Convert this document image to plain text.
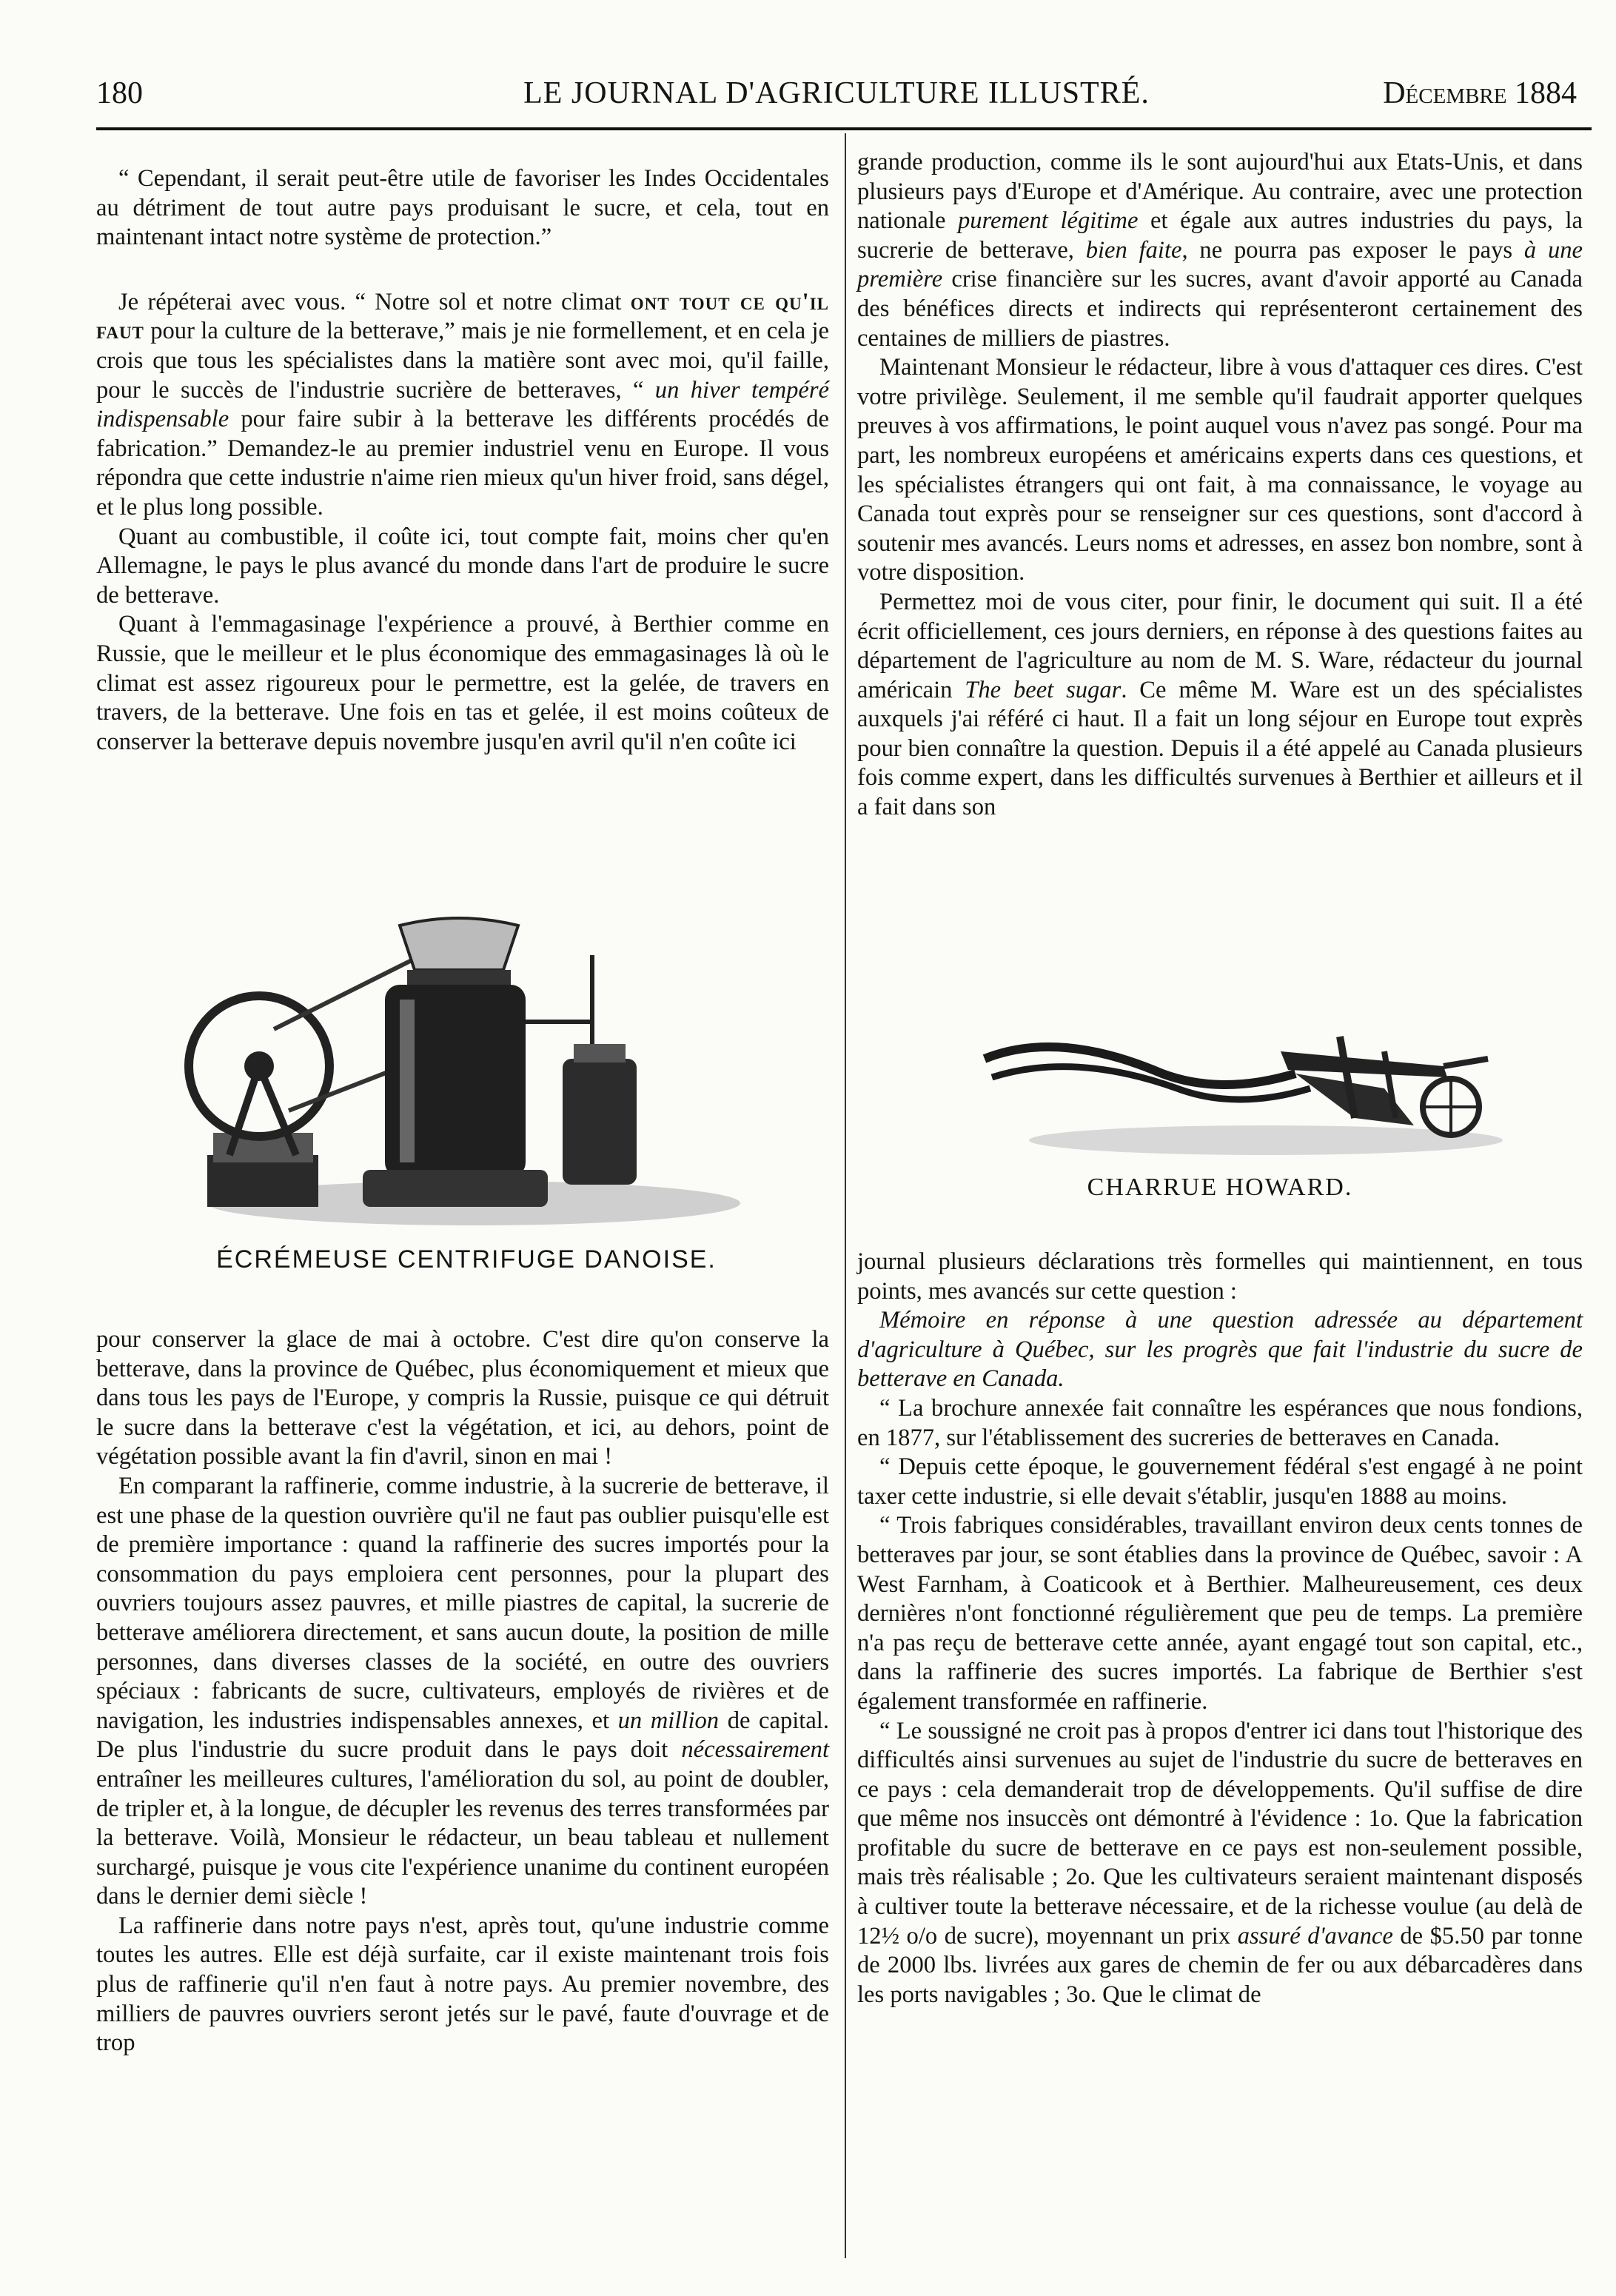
180	LE JOURNAL D'AGRICULTURE ILLUSTRÉ.	Décembre 1884

“ Cependant, il serait peut-être utile de favoriser les Indes Occidentales au détriment de tout autre pays produisant le sucre, et cela, tout en maintenant intact notre système de protection.”

Je répéterai avec vous. “ Notre sol et notre climat ont tout ce qu'il faut pour la culture de la betterave,” mais je nie formellement, et en cela je crois que tous les spécialistes dans la matière sont avec moi, qu'il faille, pour le succès de l'industrie sucrière de betteraves, “ un hiver tempéré indispensable pour faire subir à la betterave les différents procédés de fabrication.” Demandez-le au premier industriel venu en Europe. Il vous répondra que cette industrie n'aime rien mieux qu'un hiver froid, sans dégel, et le plus long possible.

Quant au combustible, il coûte ici, tout compte fait, moins cher qu'en Allemagne, le pays le plus avancé du monde dans l'art de produire le sucre de betterave.

Quant à l'emmagasinage l'expérience a prouvé, à Berthier comme en Russie, que le meilleur et le plus économique des emmagasinages là où le climat est assez rigoureux pour le permettre, est la gelée, de travers en travers, de la betterave. Une fois en tas et gelée, il est moins coûteux de conserver la betterave depuis novembre jusqu'en avril qu'il n'en coûte ici

ÉCRÉMEUSE CENTRIFUGE DANOISE.

pour conserver la glace de mai à octobre. C'est dire qu'on conserve la betterave, dans la province de Québec, plus économiquement et mieux que dans tous les pays de l'Europe, y compris la Russie, puisque ce qui détruit le sucre dans la betterave c'est la végétation, et ici, au dehors, point de végétation possible avant la fin d'avril, sinon en mai !

En comparant la raffinerie, comme industrie, à la sucrerie de betterave, il est une phase de la question ouvrière qu'il ne faut pas oublier puisqu'elle est de première importance : quand la raffinerie des sucres importés pour la consommation du pays emploiera cent personnes, pour la plupart des ouvriers toujours assez pauvres, et mille piastres de capital, la sucrerie de betterave améliorera directement, et sans aucun doute, la position de mille personnes, dans diverses classes de la société, en outre des ouvriers spéciaux : fabricants de sucre, cultivateurs, employés de rivières et de navigation, les industries indispensables annexes, et un million de capital. De plus l'industrie du sucre produit dans le pays doit nécessairement entraîner les meilleures cultures, l'amélioration du sol, au point de doubler, de tripler et, à la longue, de décupler les revenus des terres transformées par la betterave. Voilà, Monsieur le rédacteur, un beau tableau et nullement surchargé, puisque je vous cite l'expérience unanime du continent européen dans le dernier demi siècle !

La raffinerie dans notre pays n'est, après tout, qu'une industrie comme toutes les autres. Elle est déjà surfaite, car il existe maintenant trois fois plus de raffinerie qu'il n'en faut à notre pays. Au premier novembre, des milliers de pauvres ouvriers seront jetés sur le pavé, faute d'ouvrage et de trop

grande production, comme ils le sont aujourd'hui aux Etats-Unis, et dans plusieurs pays d'Europe et d'Amérique. Au contraire, avec une protection nationale purement légitime et égale aux autres industries du pays, la sucrerie de betterave, bien faite, ne pourra pas exposer le pays à une première crise financière sur les sucres, avant d'avoir apporté au Canada des bénéfices directs et indirects qui représenteront certainement des centaines de milliers de piastres.

Maintenant Monsieur le rédacteur, libre à vous d'attaquer ces dires. C'est votre privilège. Seulement, il me semble qu'il faudrait apporter quelques preuves à vos affirmations, le point auquel vous n'avez pas songé. Pour ma part, les nombreux européens et américains experts dans ces questions, et les spécialistes étrangers qui ont fait, à ma connaissance, le voyage au Canada tout exprès pour se renseigner sur ces questions, sont d'accord à soutenir mes avancés. Leurs noms et adresses, en assez bon nombre, sont à votre disposition.

Permettez moi de vous citer, pour finir, le document qui suit. Il a été écrit officiellement, ces jours derniers, en réponse à des questions faites au département de l'agriculture au nom de M. S. Ware, rédacteur du journal américain The beet sugar. Ce même M. Ware est un des spécialistes auxquels j'ai référé ci haut. Il a fait un long séjour en Europe tout exprès pour bien connaître la question. Depuis il a été appelé au Canada plusieurs fois comme expert, dans les difficultés survenues à Berthier et ailleurs et il a fait dans son

CHARRUE HOWARD.

journal plusieurs déclarations très formelles qui maintiennent, en tous points, mes avancés sur cette question :

Mémoire en réponse à une question adressée au département d'agriculture à Québec, sur les progrès que fait l'industrie du sucre de betterave en Canada.

“ La brochure annexée fait connaître les espérances que nous fondions, en 1877, sur l'établissement des sucreries de betteraves en Canada.

“ Depuis cette époque, le gouvernement fédéral s'est engagé à ne point taxer cette industrie, si elle devait s'établir, jusqu'en 1888 au moins.

“ Trois fabriques considérables, travaillant environ deux cents tonnes de betteraves par jour, se sont établies dans la province de Québec, savoir : A West Farnham, à Coaticook et à Berthier. Malheureusement, ces deux dernières n'ont fonctionné régulièrement que peu de temps. La première n'a pas reçu de betterave cette année, ayant engagé tout son capital, etc., dans la raffinerie des sucres importés. La fabrique de Berthier s'est également transformée en raffinerie.

“ Le soussigné ne croit pas à propos d'entrer ici dans tout l'historique des difficultés ainsi survenues au sujet de l'industrie du sucre de betteraves en ce pays : cela demanderait trop de développements. Qu'il suffise de dire que même nos insuccès ont démontré à l'évidence : 1o. Que la fabrication profitable du sucre de betterave en ce pays est non-seulement possible, mais très réalisable ; 2o. Que les cultivateurs seraient maintenant disposés à cultiver toute la betterave nécessaire, et de la richesse voulue (au delà de 12½ o/o de sucre), moyennant un prix assuré d'avance de $5.50 par tonne de 2000 lbs. livrées aux gares de chemin de fer ou aux débarcadères dans les ports navigables ; 3o. Que le climat de
